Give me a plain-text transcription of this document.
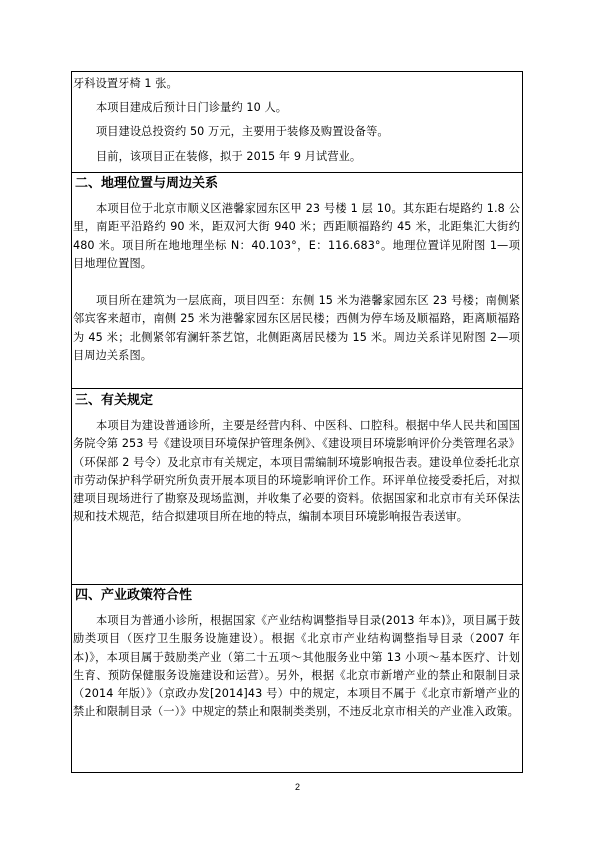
牙科设置牙椅 1 张。

本项目建成后预计日门诊量约 10 人。

项目建设总投资约 50 万元，主要用于装修及购置设备等。

目前，该项目正在装修，拟于 2015 年 9 月试营业。

二、地理位置与周边关系

本项目位于北京市顺义区港馨家园东区甲 23 号楼 1 层 10。其东距右堤路约 1.8 公里，南距平沿路约 90 米，距双河大街 940 米；西距顺福路约 45 米，北距集汇大街约 480 米。项目所在地地理坐标 N：40.103°，E：116.683°。地理位置详见附图 1—项目地理位置图。

项目所在建筑为一层底商，项目四至：东侧 15 米为港馨家园东区 23 号楼；南侧紧邻宾客来超市，南侧 25 米为港馨家园东区居民楼；西侧为停车场及顺福路，距离顺福路为 45 米；北侧紧邻宥澜轩茶艺馆，北侧距离居民楼为 15 米。周边关系详见附图 2—项目周边关系图。

三、有关规定

本项目为建设普通诊所，主要是经营内科、中医科、口腔科。根据中华人民共和国国务院令第 253 号《建设项目环境保护管理条例》、《建设项目环境影响评价分类管理名录》（环保部 2 号令）及北京市有关规定，本项目需编制环境影响报告表。建设单位委托北京市劳动保护科学研究所负责开展本项目的环境影响评价工作。环评单位接受委托后，对拟建项目现场进行了勘察及现场监测，并收集了必要的资料。依据国家和北京市有关环保法规和技术规范，结合拟建项目所在地的特点，编制本项目环境影响报告表送审。

四、产业政策符合性

本项目为普通小诊所，根据国家《产业结构调整指导目录(2013 年本)》，项目属于鼓励类项目（医疗卫生服务设施建设）。根据《北京市产业结构调整指导目录（2007 年本)》，本项目属于鼓励类产业（第二十五项～其他服务业中第 13 小项～基本医疗、计划生育、预防保健服务设施建设和运营）。另外，根据《北京市新增产业的禁止和限制目录（2014 年版）》（京政办发[2014]43 号）中的规定，本项目不属于《北京市新增产业的禁止和限制目录（一）》中规定的禁止和限制类类别，不违反北京市相关的产业准入政策。

2
